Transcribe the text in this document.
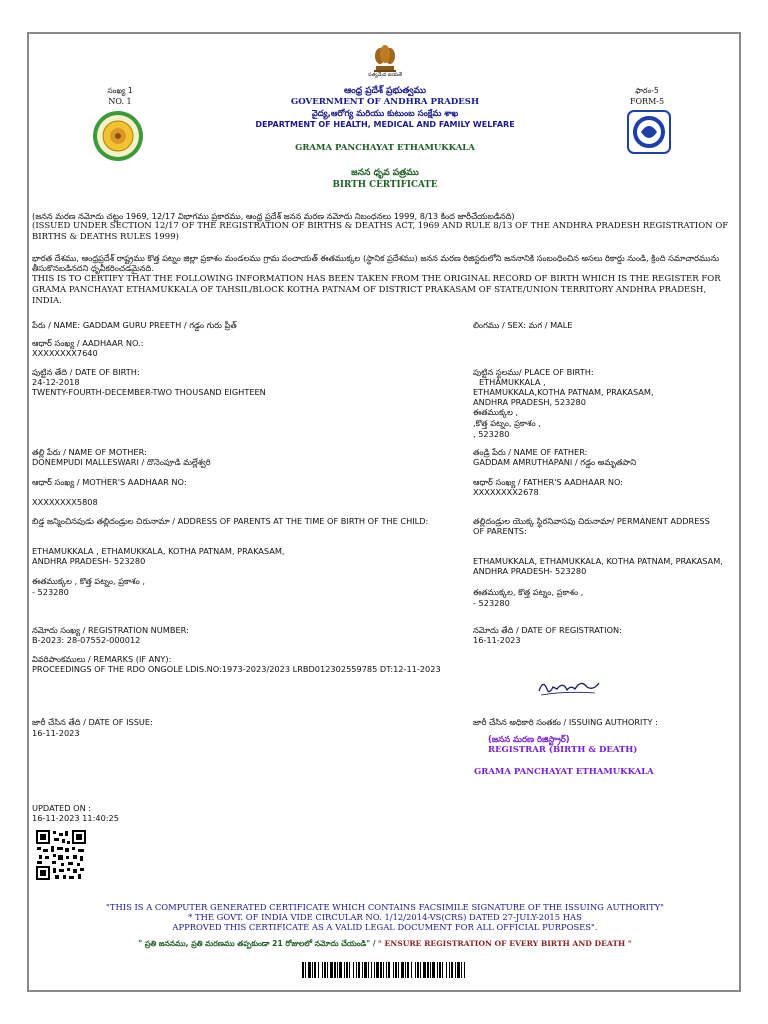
సత్యమేవ జయతే
సంఖ్య 1
NO. 1
ఫారం-5
FORM-5
ఆంధ్ర ప్రదేశ్ ప్రభుత్వము
GOVERNMENT OF ANDHRA PRADESH
వైద్య,ఆరోగ్య మరియు కుటుంబ సంక్షేమ శాఖ
DEPARTMENT OF HEALTH, MEDICAL AND FAMILY WELFARE
GRAMA PANCHAYAT ETHAMUKKALA
జనన ధృవ పత్రము
BIRTH CERTIFICATE
(జనన మరణ నమోదు చట్టం 1969, 12/17 విభాగము ప్రకారము, ఆంధ్ర ప్రదేశ్ జనన మరణ నమోదు నిబంధనలు 1999, 8/13 కింద జారీచేయబడినది)
(ISSUED UNDER SECTION 12/17 OF THE REGISTRATION OF BIRTHS & DEATHS ACT, 1969 AND RULE 8/13 OF THE ANDHRA PRADESH REGISTRATION OF BIRTHS & DEATHS RULES 1999)
భారత దేశము, ఆంధ్రప్రదేశ్ రాష్ట్రము కొత్త పట్నం జిల్లా ప్రకాశం మండలము గ్రామ పంచాయత్ ఈతముక్కల (స్థానిక ప్రదేశము) జనన మరణ రిజిస్టరులోని జననానికి సంబంధించిన అసలు రికార్డు నుండి, క్రింది సమాచారమును తీసుకొనబడినదని ధృవీకరించడమైనది.
THIS IS TO CERTIFY THAT THE FOLLOWING INFORMATION HAS BEEN TAKEN FROM THE ORIGINAL RECORD OF BIRTH WHICH IS THE REGISTER FOR GRAMA PANCHAYAT ETHAMUKKALA OF TAHSIL/BLOCK KOTHA PATNAM OF DISTRICT PRAKASAM OF STATE/UNION TERRITORY ANDHRA PRADESH, INDIA.
పేరు / NAME: GADDAM GURU PREETH / గడ్డం గురు ప్రీత్	లింగము / SEX: మగ / MALE
ఆధార్ సంఖ్య / AADHAAR NO.:
XXXXXXXX7640
పుట్టిన తేది / DATE OF BIRTH:
24-12-2018
TWENTY-FOURTH-DECEMBER-TWO THOUSAND EIGHTEEN
పుట్టిన స్థలము/ PLACE OF BIRTH:
ETHAMUKKALA ,
ETHAMUKKALA,KOTHA PATNAM, PRAKASAM,
ANDHRA PRADESH, 523280
ఈతముక్కల ,
,కొత్త పట్నం, ప్రకాశం ,
, 523280
తల్లి పేరు / NAME OF MOTHER:
DONEMPUDI MALLESWARI / దొనెంపూడి మల్లేశ్వరి
తండ్రి పేరు / NAME OF FATHER:
GADDAM AMRUTHAPANI / గడ్డం అమృతపాని
ఆధార్ సంఖ్య / MOTHER'S AADHAAR NO:
XXXXXXXX5808
ఆధార్ సంఖ్య / FATHER'S AADHAAR NO:
XXXXXXXX2678
బిడ్డ జన్మించినపుడు తల్లిదండ్రుల చిరునామా / ADDRESS OF PARENTS AT THE TIME OF BIRTH OF THE CHILD:
ETHAMUKKALA , ETHAMUKKALA, KOTHA PATNAM, PRAKASAM,
ANDHRA PRADESH- 523280
ఈతముక్కల , కొత్త పట్నం, ప్రకాశం ,
- 523280
తల్లిదండ్రుల యొక్క స్థిరనివాసపు చిరునామా/ PERMANENT ADDRESS OF PARENTS:
ETHAMUKKALA, ETHAMUKKALA, KOTHA PATNAM, PRAKASAM,
ANDHRA PRADESH- 523280
ఈతముక్కల, కొత్త పట్నం, ప్రకాశం ,
- 523280
నమోదు సంఖ్య / REGISTRATION NUMBER:
B-2023: 28-07552-000012
నమోదు తేది / DATE OF REGISTRATION:
16-11-2023
వివరిపాంకములు / REMARKS (IF ANY):
PROCEEDINGS OF THE RDO ONGOLE LDIS.NO:1973-2023/2023 LRBD012302559785 DT:12-11-2023
జారీ చేసిన తేది / DATE OF ISSUE:
16-11-2023
జారీ చేసిన అధికారి సంతకం / ISSUING AUTHORITY :
(జనన మరణ రిజిస్ట్రార్)
REGISTRAR (BIRTH & DEATH)
GRAMA PANCHAYAT ETHAMUKKALA
UPDATED ON :
16-11-2023 11:40:25
"THIS IS A COMPUTER GENERATED CERTIFICATE WHICH CONTAINS FACSIMILE SIGNATURE OF THE ISSUING AUTHORITY"
* THE GOVT. OF INDIA VIDE CIRCULAR NO. 1/12/2014-VS(CRS) DATED 27-JULY-2015 HAS
APPROVED THIS CERTIFICATE AS A VALID LEGAL DOCUMENT FOR ALL OFFICIAL PURPOSES".
" ప్రతి జననము, ప్రతి మరణము తప్పకుండా 21 రోజులలో నమోదు చేయండి" / " ENSURE REGISTRATION OF EVERY BIRTH AND DEATH "
